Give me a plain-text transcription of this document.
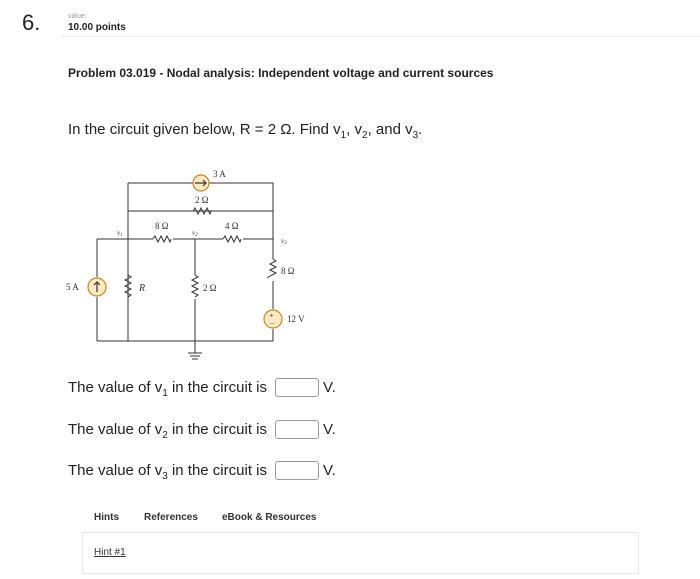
6.	value:
10.00 points
Problem 03.019 - Nodal analysis: Independent voltage and current sources
In the circuit given below, R = 2 Ω. Find $v_1$, $v_2$, and $v_3$.
+
−
3 A
2 Ω
8 Ω	4 Ω
v1	v2
v3
5 A	R	2 Ω
8 Ω
12 V
The value of $v_1$ in the circuit is	V.
The value of $v_2$ in the circuit is	V.
The value of $v_3$ in the circuit is	V.
Hints	References eBook & Resources
Hint #1
